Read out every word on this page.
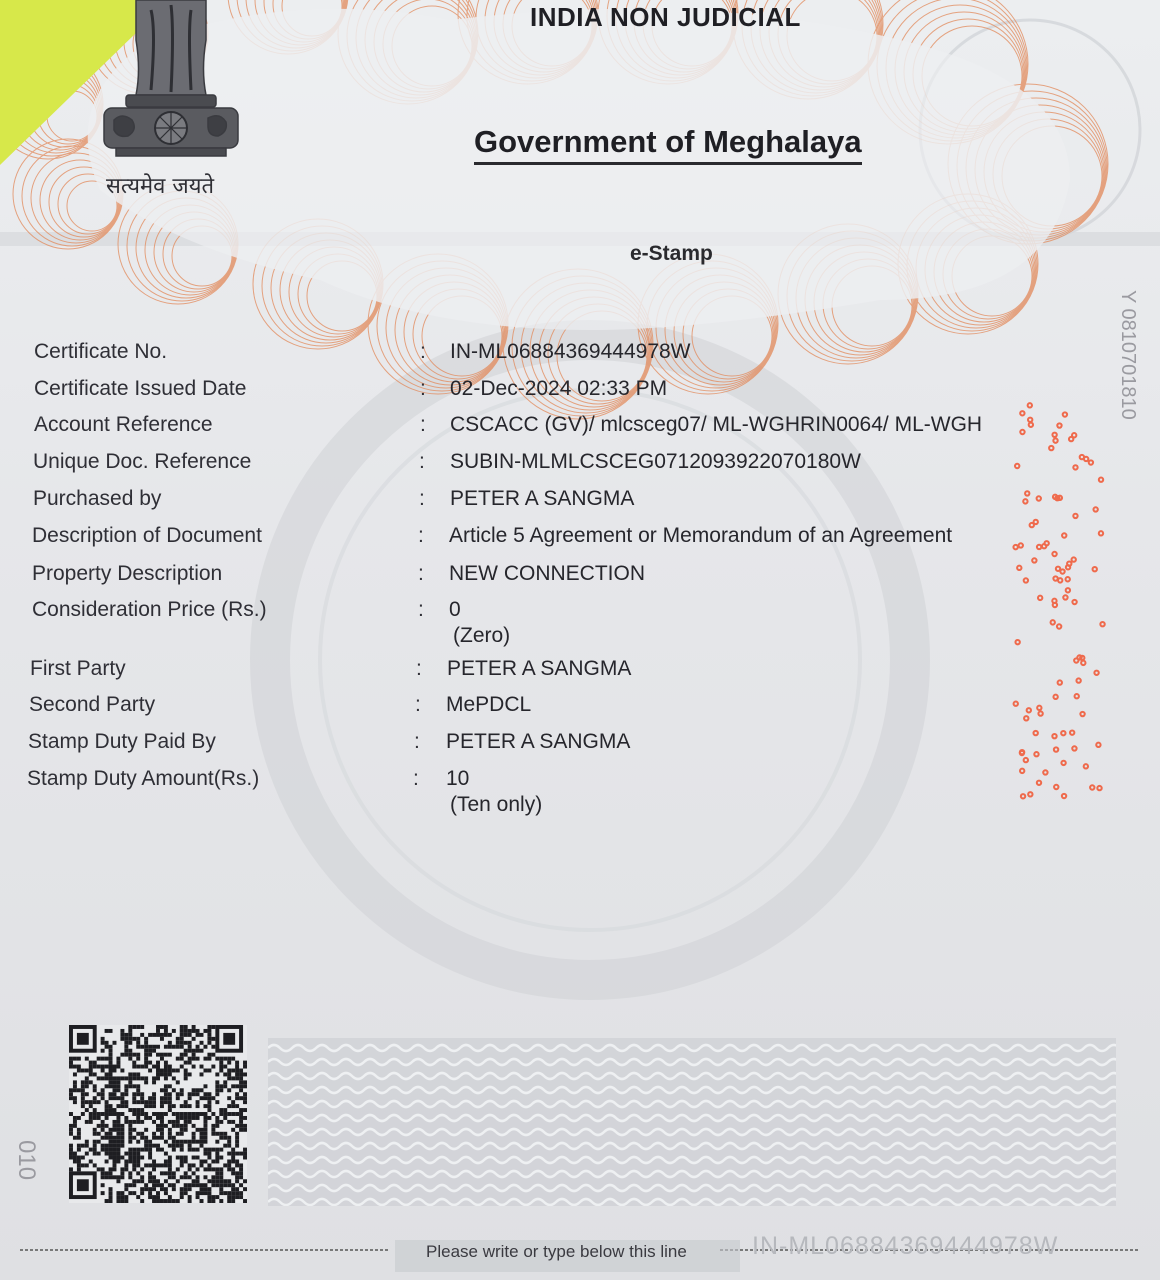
सत्यमेव जयते
INDIA NON JUDICIAL
Government of Meghalaya
e-Stamp
Y 0810701810
010
Certificate No.	: IN-ML06884369444978W
Certificate Issued Date	: 02-Dec-2024 02:33 PM
Account Reference	: CSCACC (GV)/ mlcsceg07/ ML-WGHRIN0064/ ML-WGH
Unique Doc. Reference	: SUBIN-MLMLCSCEG0712093922070180W
Purchased by	: PETER A SANGMA
Description of Document	: Article 5 Agreement or Memorandum of an Agreement
Property Description	: NEW CONNECTION
Consideration Price (Rs.)	: 0
(Zero)
First Party	: PETER A SANGMA
Second Party	: MePDCL
Stamp Duty Paid By	: PETER A SANGMA
Stamp Duty Amount(Rs.)	: 10
(Ten only)
Please write or type below this line	IN-ML06884369444978W
